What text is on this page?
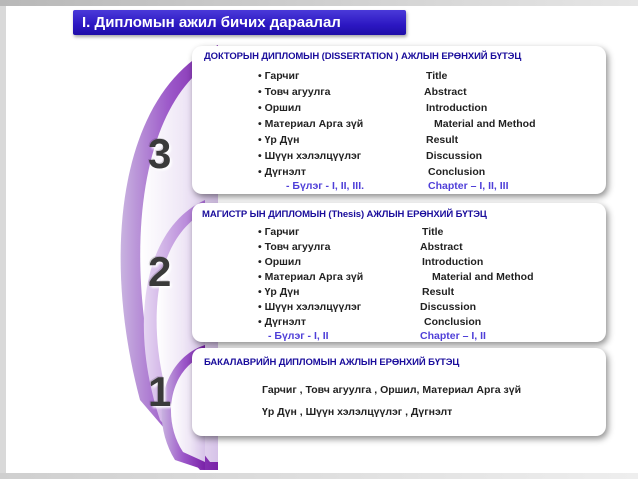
I. Дипломын ажил бичих дараалал
3
2
1
ДОКТОРЫН ДИПЛОМЫН (DISSERTATION ) АЖЛЫН ЕРӨНХИЙ БҮТЭЦ
• Гарчиг
• Товч агуулга
• Оршил
• Материал Арга зүй
• Үр Дүн
• Шүүн хэлэлцүүлэг
• Дүгнэлт
- Бүлэг - I, II, III.
Title
Abstract
Introduction
Material and Method
Result
Discussion
Conclusion
Chapter – I, II, III
МАГИСТР ЫН ДИПЛОМЫН (Thesis) АЖЛЫН ЕРӨНХИЙ БҮТЭЦ
• Гарчиг
• Товч агуулга
• Оршил
• Материал Арга зүй
• Үр Дүн
• Шүүн хэлэлцүүлэг
• Дүгнэлт
- Бүлэг - I, II
Title
Abstract
Introduction
Material and Method
Result
Discussion
Conclusion
Chapter – I, II
БАКАЛАВРИЙН ДИПЛОМЫН АЖЛЫН ЕРӨНХИЙ БҮТЭЦ
Гарчиг , Товч агуулга , Оршил, Материал Арга зүй
Үр Дүн , Шүүн хэлэлцүүлэг , Дүгнэлт
